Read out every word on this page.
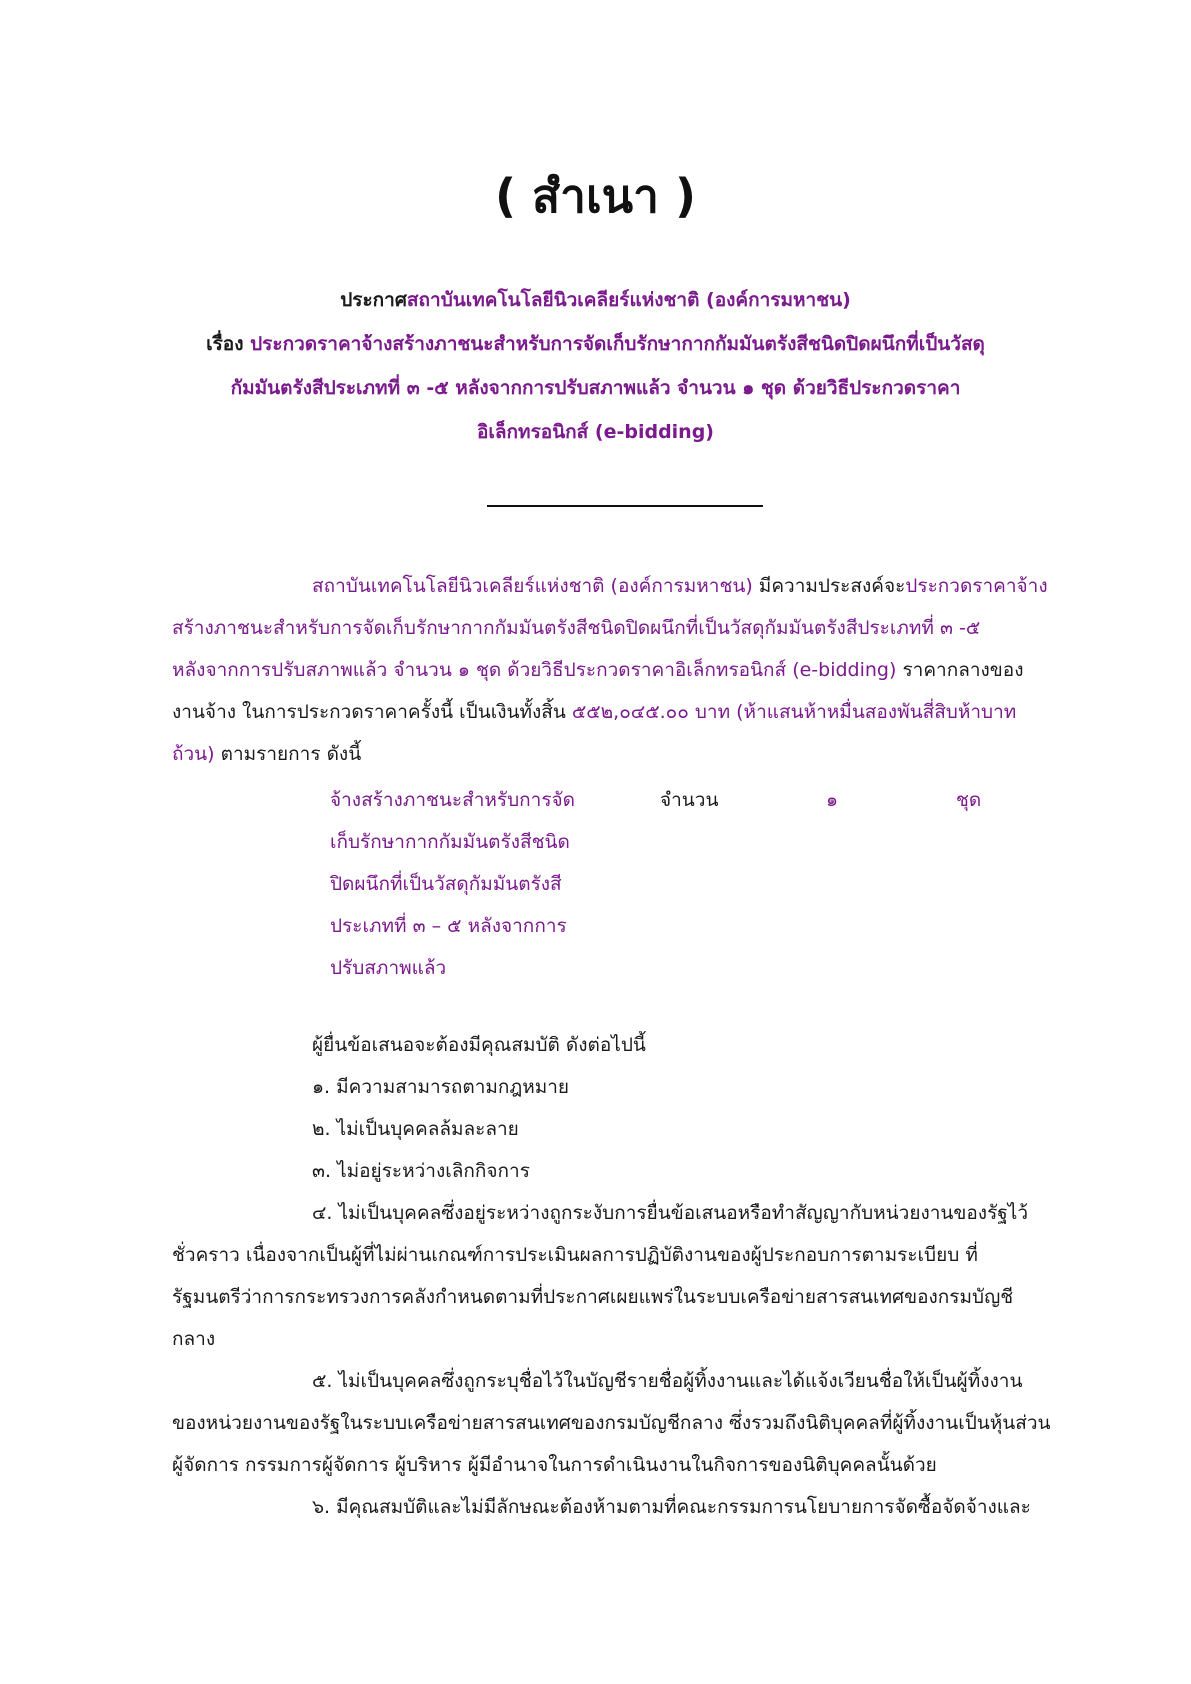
( สำเนา )
ประกาศสถาบันเทคโนโลยีนิวเคลียร์แห่งชาติ (องค์การมหาชน)
เรื่อง ประกวดราคาจ้างสร้างภาชนะสำหรับการจัดเก็บรักษากากกัมมันตรังสีชนิดปิดผนึกที่เป็นวัสดุ
กัมมันตรังสีประเภทที่ ๓ -๕ หลังจากการปรับสภาพแล้ว จำนวน ๑ ชุด ด้วยวิธีประกวดราคา
อิเล็กทรอนิกส์ (e-bidding)

สถาบันเทคโนโลยีนิวเคลียร์แห่งชาติ (องค์การมหาชน) มีความประสงค์จะประกวดราคาจ้าง

สร้างภาชนะสำหรับการจัดเก็บรักษากากกัมมันตรังสีชนิดปิดผนึกที่เป็นวัสดุกัมมันตรังสีประเภทที่ ๓ -๕

หลังจากการปรับสภาพแล้ว จำนวน ๑ ชุด ด้วยวิธีประกวดราคาอิเล็กทรอนิกส์ (e-bidding) ราคากลางของ

งานจ้าง ในการประกวดราคาครั้งนี้ เป็นเงินทั้งสิ้น ๕๕๒,๐๔๕.๐๐ บาท (ห้าแสนห้าหมื่นสองพันสี่สิบห้าบาท

ถ้วน) ตามรายการ ดังนี้

จ้างสร้างภาชนะสำหรับการจัด
เก็บรักษากากกัมมันตรังสีชนิด
ปิดผนึกที่เป็นวัสดุกัมมันตรังสี
ประเภทที่ ๓ – ๕ หลังจากการ
ปรับสภาพแล้ว
จำนวน	๑	ชุด

ผู้ยื่นข้อเสนอจะต้องมีคุณสมบัติ ดังต่อไปนี้

๑. มีความสามารถตามกฎหมาย

๒. ไม่เป็นบุคคลล้มละลาย

๓. ไม่อยู่ระหว่างเลิกกิจการ

๔. ไม่เป็นบุคคลซึ่งอยู่ระหว่างถูกระงับการยื่นข้อเสนอหรือทำสัญญากับหน่วยงานของรัฐไว้

ชั่วคราว เนื่องจากเป็นผู้ที่ไม่ผ่านเกณฑ์การประเมินผลการปฏิบัติงานของผู้ประกอบการตามระเบียบ ที่

รัฐมนตรีว่าการกระทรวงการคลังกำหนดตามที่ประกาศเผยแพร่ในระบบเครือข่ายสารสนเทศของกรมบัญชี

กลาง

๕. ไม่เป็นบุคคลซึ่งถูกระบุชื่อไว้ในบัญชีรายชื่อผู้ทิ้งงานและได้แจ้งเวียนชื่อให้เป็นผู้ทิ้งงาน

ของหน่วยงานของรัฐในระบบเครือข่ายสารสนเทศของกรมบัญชีกลาง ซึ่งรวมถึงนิติบุคคลที่ผู้ทิ้งงานเป็นหุ้นส่วน

ผู้จัดการ กรรมการผู้จัดการ ผู้บริหาร ผู้มีอำนาจในการดำเนินงานในกิจการของนิติบุคคลนั้นด้วย

๖. มีคุณสมบัติและไม่มีลักษณะต้องห้ามตามที่คณะกรรมการนโยบายการจัดซื้อจัดจ้างและ
